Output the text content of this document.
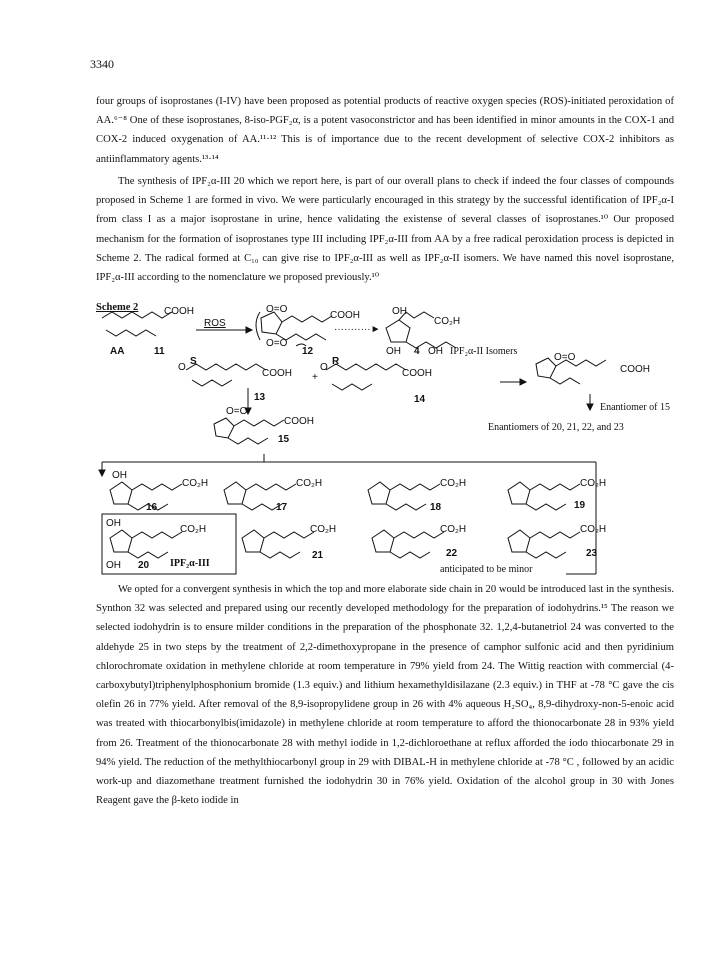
3340

four groups of isoprostanes (I-IV) have been proposed as potential products of reactive oxygen species (ROS)-initiated peroxidation of AA.⁶⁻⁸ One of these isoprostanes, 8-iso-PGF₂α, is a potent vasoconstrictor and has been identified in minor amounts in the COX-1 and COX-2 induced oxygenation of AA.¹¹·¹² This is of importance due to the recent development of selective COX-2 inhibitors as antiinflammatory agents.¹³·¹⁴

The synthesis of IPF₂α-III 20 which we report here, is part of our overall plans to check if indeed the four classes of compounds proposed in Scheme 1 are formed in vivo. We were particularly encouraged in this strategy by the successful identification of IPF₂α-I from class I as a major isoprostane in urine, hence validating the existense of several classes of isoprostanes.¹⁰ Our proposed mechanism for the formation of isoprostanes type III including IPF₂α-III from AA by a free radical peroxidation process is depicted in Scheme 2. The radical formed at C₁₀ can give rise to IPF₂α-III as well as IPF₂α-II isomers. We have named this novel isoprostane, IPF₂α-III according to the nomenclature we proposed previously.¹⁰

Scheme 2	COOH
ROS
O=O
COOH
···········►
OH
CO₂H
AA	11
O=O
12	OH 4 OH IPF₂α-II Isomers
O
S
COOH +
O
R
COOH
O=O
COOH
13	14
Enantiomer of 15
O=O
COOH
15
Enantiomers of 20, 21, 22, and 23
OH
CO₂H
16
CO₂H
17
CO₂H
18
CO₂H
19
OH
CO₂H
OH 20 IPF₂α-III
CO₂H
21
CO₂H
22
CO₂H
23
anticipated to be minor

We opted for a convergent synthesis in which the top and more elaborate side chain in 20 would be introduced last in the synthesis. Synthon 32 was selected and prepared using our recently developed methodology for the preparation of iodohydrins.¹⁵ The reason we selected iodohydrin is to ensure milder conditions in the preparation of the phosphonate 32. 1,2,4-butanetriol 24 was converted to the aldehyde 25 in two steps by the treatment of 2,2-dimethoxypropane in the presence of camphor sulfonic acid and then pyridinium chlorochromate oxidation in methylene chloride at room temperature in 79% yield from 24. The Wittig reaction with commercial (4-carboxybutyl)triphenylphosphonium bromide (1.3 equiv.) and lithium hexamethyldisilazane (2.3 equiv.) in THF at -78 °C gave the cis olefin 26 in 77% yield. After removal of the 8,9-isopropylidene group in 26 with 4% aqueous H₂SO₄, 8,9-dihydroxy-non-5-enoic acid was treated with thiocarbonylbis(imidazole) in methylene chloride at room temperature to afford the thionocarbonate 28 in 93% yield from 26. Treatment of the thionocarbonate 28 with methyl iodide in 1,2-dichloroethane at reflux afforded the iodo thiocarbonate 29 in 94% yield. The reduction of the methylthiocarbonyl group in 29 with DIBAL-H in methylene chloride at -78 °C , followed by an acidic work-up and diazomethane treatment furnished the iodohydrin 30 in 76% yield. Oxidation of the alcohol group in 30 with Jones Reagent gave the β-keto iodide in
